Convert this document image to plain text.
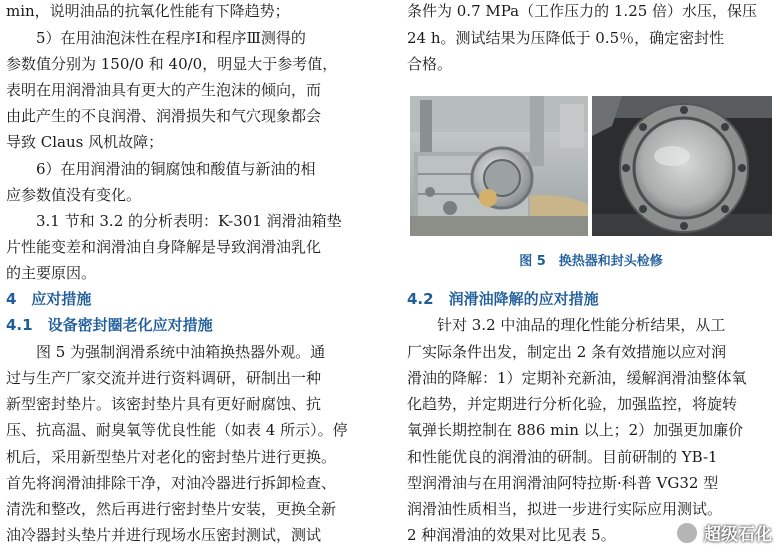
min，说明油品的抗氧化性能有下降趋势；
　　5）在用油泡沫性在程序Ⅰ和程序Ⅲ测得的
参数值分别为 150/0 和 40/0，明显大于参考值，
表明在用润滑油具有更大的产生泡沫的倾向，而
由此产生的不良润滑、润滑损失和气穴现象都会
导致 Claus 风机故障；
　　6）在用润滑油的铜腐蚀和酸值与新油的相
应参数值没有变化。
　　3.1 节和 3.2 的分析表明：K-301 润滑油箱垫
片性能变差和润滑油自身降解是导致润滑油乳化
的主要原因。
4　应对措施
4.1　设备密封圈老化应对措施
　　图 5 为强制润滑系统中油箱换热器外观。通
过与生产厂家交流并进行资料调研，研制出一种
新型密封垫片。该密封垫片具有更好耐腐蚀、抗
压、抗高温、耐臭氧等优良性能（如表 4 所示）。停
机后，采用新型垫片对老化的密封垫片进行更换。
首先将润滑油排除干净，对油冷器进行拆卸检查、
清洗和整改，然后再进行密封垫片安装，更换全新
油冷器封头垫片并进行现场水压密封测试，测试
条件为 0.7 MPa（工作压力的 1.25 倍）水压，保压
24 h。测试结果为压降低于 0.5％，确定密封性
合格。
图 5　换热器和封头检修
4.2　润滑油降解的应对措施
　　针对 3.2 中油品的理化性能分析结果，从工
厂实际条件出发，制定出 2 条有效措施以应对润
滑油的降解：1）定期补充新油，缓解润滑油整体氧
化趋势，并定期进行分析化验，加强监控，将旋转
氧弹长期控制在 886 min 以上；2）加强更加廉价
和性能优良的润滑油的研制。目前研制的 YB-1
型润滑油与在用润滑油阿特拉斯·科普 VG32 型
润滑油性质相当，拟进一步进行实际应用测试。
2 种润滑油的效果对比见表 5。	超级石化
